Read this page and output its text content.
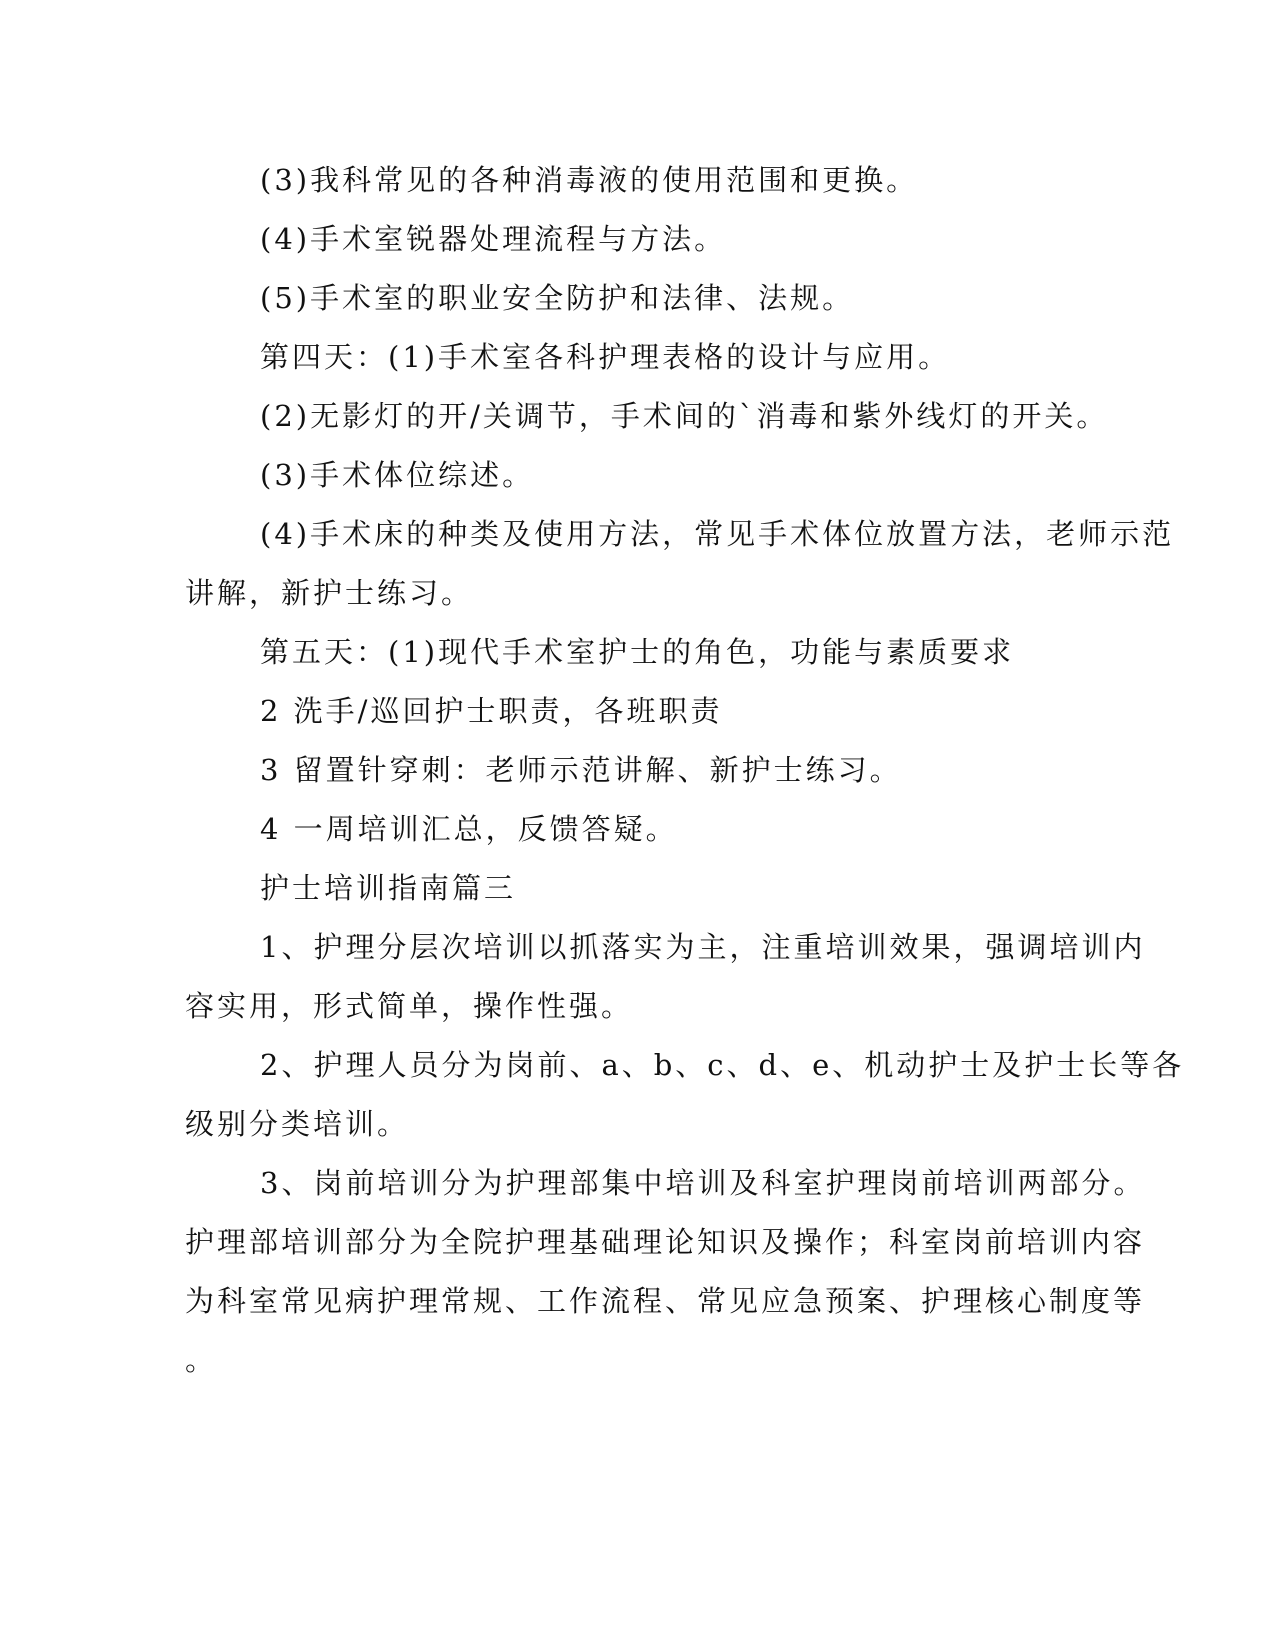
(3)我科常见的各种消毒液的使用范围和更换。

(4)手术室锐器处理流程与方法。

(5)手术室的职业安全防护和法律、法规。

第四天：(1)手术室各科护理表格的设计与应用。

(2)无影灯的开/关调节，手术间的`消毒和紫外线灯的开关。

(3)手术体位综述。

(4)手术床的种类及使用方法，常见手术体位放置方法，老师示范

讲解，新护士练习。

第五天：(1)现代手术室护士的角色，功能与素质要求

2 洗手/巡回护士职责，各班职责

3 留置针穿刺：老师示范讲解、新护士练习。

4 一周培训汇总，反馈答疑。

护士培训指南篇三

1、护理分层次培训以抓落实为主，注重培训效果，强调培训内

容实用，形式简单，操作性强。

2、护理人员分为岗前、a、b、c、d、e、机动护士及护士长等各

级别分类培训。

3、岗前培训分为护理部集中培训及科室护理岗前培训两部分。

护理部培训部分为全院护理基础理论知识及操作；科室岗前培训内容

为科室常见病护理常规、工作流程、常见应急预案、护理核心制度等

。
